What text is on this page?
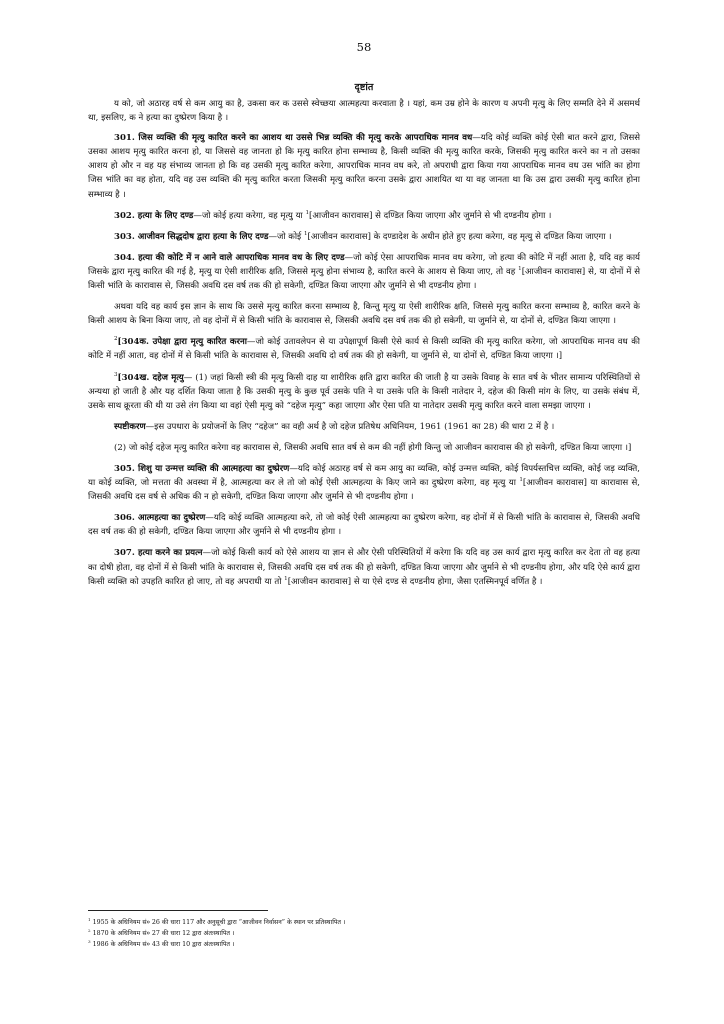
58
दृष्टांत

य को, जो अठारह वर्ष से कम आयु का है, उकसा कर क उससे स्वेच्छया आत्महत्या करवाता है । यहां, कम उम्र होने के कारण य अपनी मृत्यु के लिए सम्मति देने में असमर्थ था, इसलिए, क ने हत्या का दुष्प्रेरण किया है ।

301. जिस व्यक्ति की मृत्यु कारित करने का आशय था उससे भिन्न व्यक्ति की मृत्यु करके आपराधिक मानव वध—यदि कोई व्यक्ति कोई ऐसी बात करने द्वारा, जिससे उसका आशय मृत्यु कारित करना हो, या जिससे वह जानता हो कि मृत्यु कारित होना सम्भाव्य है, किसी व्यक्ति की मृत्यु कारित करके, जिसकी मृत्यु कारित करने का न तो उसका आशय हो और न वह यह संभाव्य जानता हो कि वह उसकी मृत्यु कारित करेगा, आपराधिक मानव वध करे, तो अपराधी द्वारा किया गया आपराधिक मानव वध उस भांति का होगा जिस भांति का वह होता, यदि वह उस व्यक्ति की मृत्यु कारित करता जिसकी मृत्यु कारित करना उसके द्वारा आशयित था या वह जानता था कि उस द्वारा उसकी मृत्यु कारित होना सम्भाव्य है ।

302. हत्या के लिए दण्ड—जो कोई हत्या करेगा, वह मृत्यु या $^1$[आजीवन कारावास] से दण्डित किया जाएगा और जुर्माने से भी दण्डनीय होगा ।

303. आजीवन सिद्धदोष द्वारा हत्या के लिए दण्ड—जो कोई $^1$[आजीवन कारावास] के दण्डादेश के अधीन होते हुए हत्या करेगा, वह मृत्यु से दण्डित किया जाएगा ।

304. हत्या की कोटि में न आने वाले आपराधिक मानव वध के लिए दण्ड—जो कोई ऐसा आपराधिक मानव वध करेगा, जो हत्या की कोटि में नहीं आता है, यदि वह कार्य जिसके द्वारा मृत्यु कारित की गई है, मृत्यु या ऐसी शारीरिक क्षति, जिससे मृत्यु होना संभाव्य है, कारित करने के आशय से किया जाए, तो वह $^1$[आजीवन कारावास] से, या दोनों में से किसी भांति के कारावास से, जिसकी अवधि दस वर्ष तक की हो सकेगी, दण्डित किया जाएगा और जुर्माने से भी दण्डनीय होगा ।

अथवा यदि वह कार्य इस ज्ञान के साथ कि उससे मृत्यु कारित करना सम्भाव्य है, किन्तु मृत्यु या ऐसी शारीरिक क्षति, जिससे मृत्यु कारित करना सम्भाव्य है, कारित करने के किसी आशय के बिना किया जाए, तो वह दोनों में से किसी भांति के कारावास से, जिसकी अवधि दस वर्ष तक की हो सकेगी, या जुर्माने से, या दोनों से, दण्डित किया जाएगा ।

$^2$[304क. उपेक्षा द्वारा मृत्यु कारित करना—जो कोई उतावलेपन से या उपेक्षापूर्ण किसी ऐसे कार्य से किसी व्यक्ति की मृत्यु कारित करेगा, जो आपराधिक मानव वध की कोटि में नहीं आता, वह दोनों में से किसी भांति के कारावास से, जिसकी अवधि दो वर्ष तक की हो सकेगी, या जुर्माने से, या दोनों से, दण्डित किया जाएगा ।]

$^3$[304ख. दहेज मृत्यु— (1) जहां किसी स्त्री की मृत्यु किसी दाह या शारीरिक क्षति द्वारा कारित की जाती है या उसके विवाह के सात वर्ष के भीतर सामान्य परिस्थितियों से अन्यथा हो जाती है और यह दर्शित किया जाता है कि उसकी मृत्यु के कुछ पूर्व उसके पति ने या उसके पति के किसी नातेदार ने, दहेज की किसी मांग के लिए, या उसके संबंध में, उसके साथ क्रूरता की थी या उसे तंग किया था वहां ऐसी मृत्यु को “दहेज मृत्यु” कहा जाएगा और ऐसा पति या नातेदार उसकी मृत्यु कारित करने वाला समझा जाएगा ।

स्पष्टीकरण—इस उपधारा के प्रयोजनों के लिए “दहेज” का वही अर्थ है जो दहेज प्रतिषेध अधिनियम, 1961 (1961 का 28) की धारा 2 में है ।

(2) जो कोई दहेज मृत्यु कारित करेगा वह कारावास से, जिसकी अवधि सात वर्ष से कम की नहीं होगी किन्तु जो आजीवन कारावास की हो सकेगी, दण्डित किया जाएगा ।]

305. शिशु या उन्मत्त व्यक्ति की आत्महत्या का दुष्प्रेरण—यदि कोई अठारह वर्ष से कम आयु का व्यक्ति, कोई उन्मत्त व्यक्ति, कोई विपर्यस्तचित्त व्यक्ति, कोई जड़ व्यक्ति, या कोई व्यक्ति, जो मत्तता की अवस्था में है, आत्महत्या कर ले तो जो कोई ऐसी आत्महत्या के किए जाने का दुष्प्रेरण करेगा, वह मृत्यु या $^1$[आजीवन कारावास] या कारावास से, जिसकी अवधि दस वर्ष से अधिक की न हो सकेगी, दण्डित किया जाएगा और जुर्माने से भी दण्डनीय होगा ।

306. आत्महत्या का दुष्प्रेरण—यदि कोई व्यक्ति आत्महत्या करे, तो जो कोई ऐसी आत्महत्या का दुष्प्रेरण करेगा, वह दोनों में से किसी भांति के कारावास से, जिसकी अवधि दस वर्ष तक की हो सकेगी, दण्डित किया जाएगा और जुर्माने से भी दण्डनीय होगा ।

307. हत्या करने का प्रयत्न—जो कोई किसी कार्य को ऐसे आशय या ज्ञान से और ऐसी परिस्थितियों में करेगा कि यदि वह उस कार्य द्वारा मृत्यु कारित कर देता तो वह हत्या का दोषी होता, वह दोनों में से किसी भांति के कारावास से, जिसकी अवधि दस वर्ष तक की हो सकेगी, दण्डित किया जाएगा और जुर्माने से भी दण्डनीय होगा, और यदि ऐसे कार्य द्वारा किसी व्यक्ति को उपहति कारित हो जाए, तो वह अपराधी या तो $^1$[आजीवन कारावास] से या ऐसे दण्ड से दण्डनीय होगा, जैसा एतस्मिनपूर्व वर्णित है ।

$^1$ 1955 के अधिनियम सं० 26 की धारा 117 और अनुसूची द्वारा “आजीवन निर्वासन” के स्थान पर प्रतिस्थापित ।
$^2$ 1870 के अधिनियम सं० 27 की धारा 12 द्वारा अंतःस्थापित ।
$^3$ 1986 के अधिनियम सं० 43 की धारा 10 द्वारा अंतःस्थापित ।
